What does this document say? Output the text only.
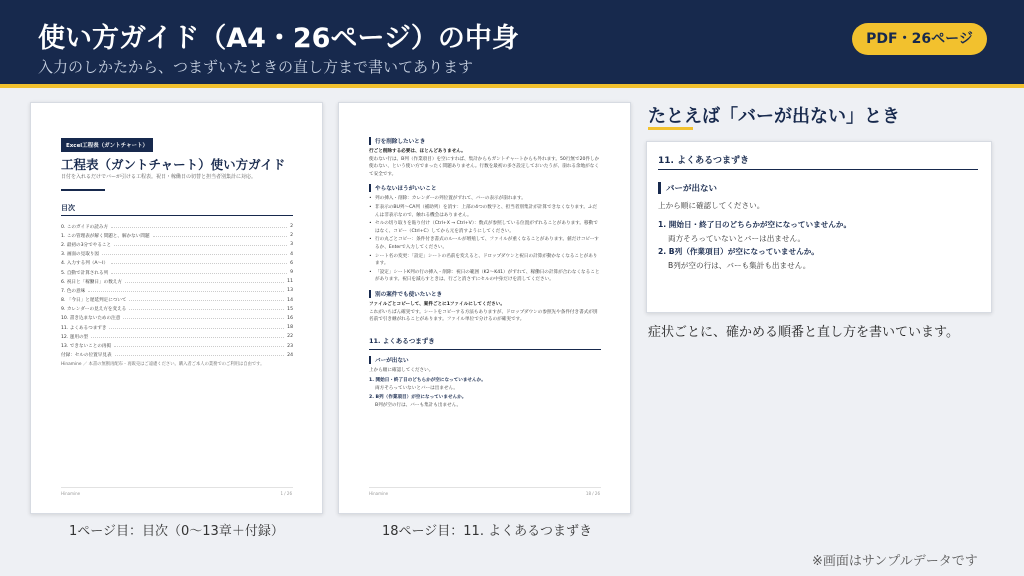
使い方ガイド（A4・26ページ）の中身
入力のしかたから、つまずいたときの直し方まで書いてあります
PDF・26ページ
Excel工程表（ガントチャート）
工程表（ガントチャート）使い方ガイド
日付を入れるだけでバーが引ける工程表。祝日・稼働日の切替と担当者別集計に対応。
目次
0. このガイドの読み方	2
1. この管理表が解く問題と、解かない問題	2
2. 最初の3分でやること	3
3. 画面の見取り図	4
4. 入力する列（A〜I）	6
5. 自動で計算される列	9
6. 祝日と「稼働日」の数え方	11
7. 色の意味	13
8. 「今日」と遅延判定について	14
9. カレンダーの見え方を変える	15
10. 書き込まないための注意	16
11. よくあるつまずき	18
12. 運用の型	22
13. できないことの再掲	23
付録：セルの位置早見表	24
Hinamine ／ 本書の無断再配布・再販売はご遠慮ください。購入者ご本人の業務でのご利用は自由です。
Hinamine	1 / 26
行を削除したいとき

行ごと削除する必要は、ほとんどありません。

使わない行は、B列（作業項目）を空にすれば、集計からもガントチャートからも外れます。50行無で20件しか使わない、という使い方でまったく問題ありません。行数を最初の多さ設定しておいたうが、崩れる余地がなくて安全です。

やらないほうがいいこと

• 列の挿入・削除：カレンダーの列位置がずれて、バーの表示が崩れます。

• 非表示のBU列〜CA列（補助列）を消す：上部の4つの数字と、担当者別集計が計算できなくなります。ふだんは非表示なので、触れる機会はありません。

• セルの切り取りを貼り付け（Ctrl+X → Ctrl+V）：数式が参照している位置がずれることがあります。移動ではなく、コピー（Ctrl+C）してから元を消すようにしてください。

• 行の丸ごとコピー：条件付き書式のルールが増殖して、ファイルが重くなることがあります。値だけコピーするか、Enterで入力してください。

• シート名の変更：「設定」シートの名前を変えると、ドロップダウンと祝日の計算が動かなくなることがあります。

• 「設定」シートK列の行の挿入・削除：祝日の範囲（K2〜K41）がずれて、稼働日の計算が合わなくなることがあります。祝日を減らすときは、行ごと消さずにセルの中身だけを消してください。

別の案件でも使いたいとき

ファイルごとコピーして、案件ごとに1ファイルにしてください。

これがいちばん確実です。シートをコピーする方法もありますが、ドロップダウンの参照先や条件付き書式が別名前で引き継がれることがあります。ファイル単位で分けるのが確実です。

11. よくあるつまずき
バーが出ない

上から順に確認してください。

1. 開始日・終了日のどちらかが空になっていませんか。

両方そろっていないとバーは出ません。

2. B列（作業項目）が空になっていませんか。

B列が空の行は、バーも集計も出ません。

Hinamine	18 / 26
1ページ目：目次（0〜13章＋付録）	18ページ目：11. よくあるつまずき
たとえば「バーが出ない」とき
11. よくあるつまずき
バーが出ない
上から順に確認してください。
1. 開始日・終了日のどちらかが空になっていませんか。
両方そろっていないとバーは出ません。
2. B列（作業項目）が空になっていませんか。
B列が空の行は、バーも集計も出ません。
症状ごとに、確かめる順番と直し方を書いています。
※画面はサンプルデータです
